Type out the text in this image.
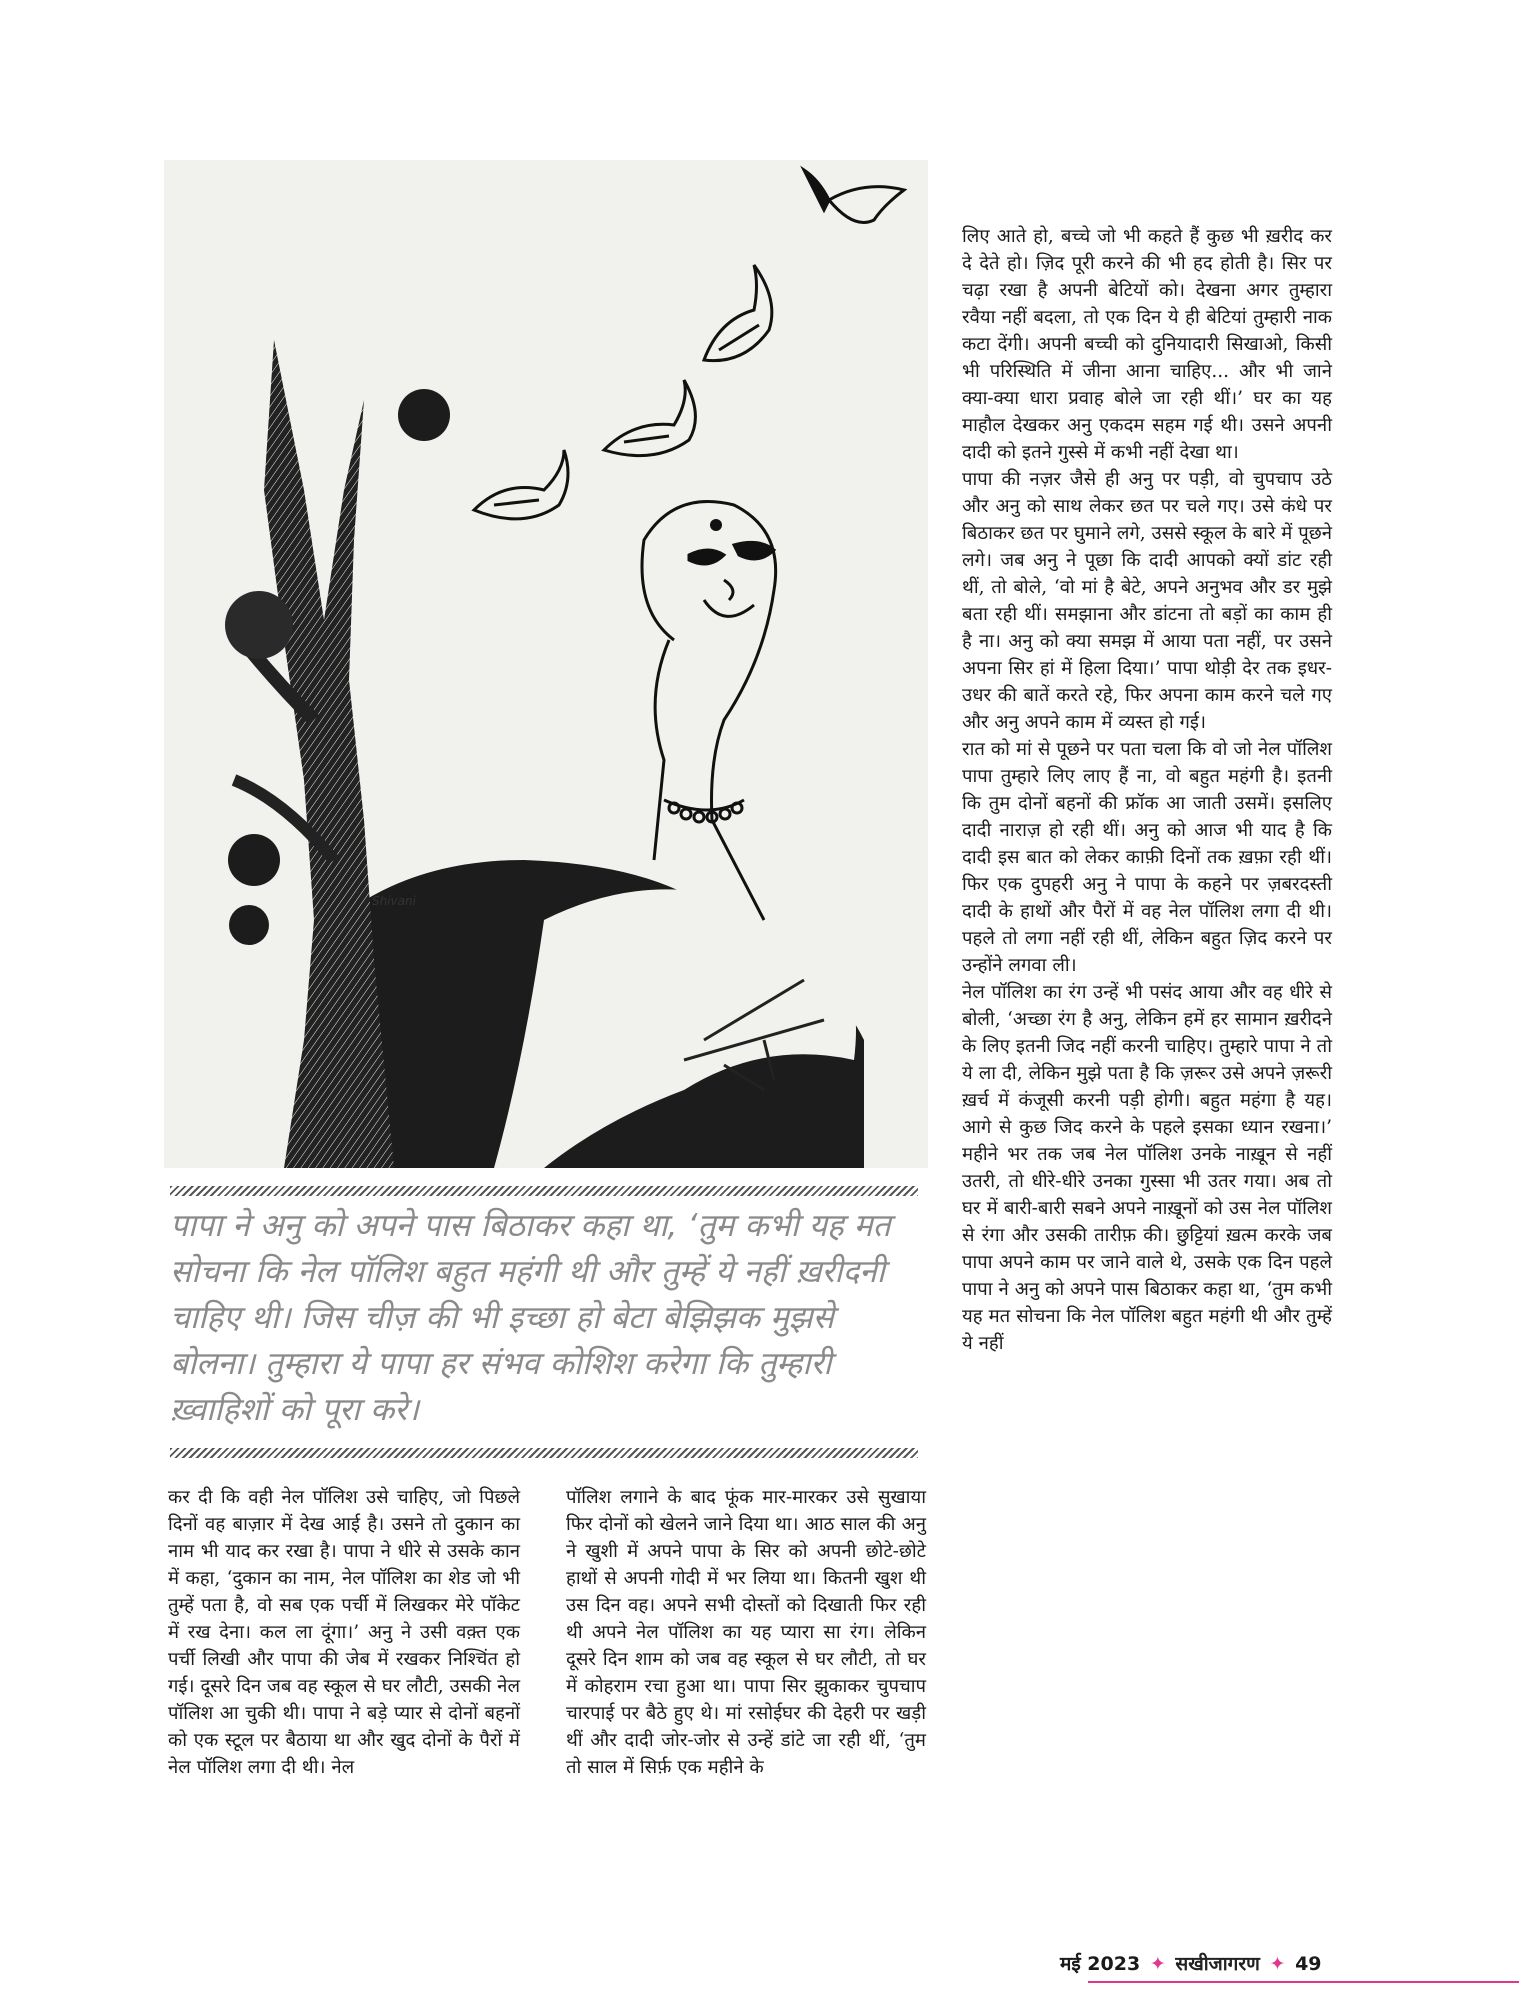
Shivani

पापा ने अनु को अपने पास बिठाकर कहा था, ‘तुम कभी यह मत सोचना कि नेल पॉलिश बहुत महंगी थी और तुम्हें ये नहीं ख़रीदनी चाहिए थी। जिस चीज़ की भी इच्छा हो बेटा बेझिझक मुझसे बोलना। तुम्हारा ये पापा हर संभव कोशिश करेगा कि तुम्हारी ख़्वाहिशों को पूरा करे।

कर दी कि वही नेल पॉलिश उसे चाहिए, जो पिछले दिनों वह बाज़ार में देख आई है। उसने तो दुकान का नाम भी याद कर रखा है। पापा ने धीरे से उसके कान में कहा, ‘दुकान का नाम, नेल पॉलिश का शेड जो भी तुम्हें पता है, वो सब एक पर्ची में लिखकर मेरे पॉकेट में रख देना। कल ला दूंगा।’ अनु ने उसी वक़्त एक पर्ची लिखी और पापा की जेब में रखकर निश्चिंत हो गई। दूसरे दिन जब वह स्कूल से घर लौटी, उसकी नेल पॉलिश आ चुकी थी। पापा ने बड़े प्यार से दोनों बहनों को एक स्टूल पर बैठाया था और खुद दोनों के पैरों में नेल पॉलिश लगा दी थी। नेल

पॉलिश लगाने के बाद फूंक मार-मारकर उसे सुखाया फिर दोनों को खेलने जाने दिया था। आठ साल की अनु ने खुशी में अपने पापा के सिर को अपनी छोटे-छोटे हाथों से अपनी गोदी में भर लिया था। कितनी खुश थी उस दिन वह। अपने सभी दोस्तों को दिखाती फिर रही थी अपने नेल पॉलिश का यह प्यारा सा रंग। लेकिन दूसरे दिन शाम को जब वह स्कूल से घर लौटी, तो घर में कोहराम रचा हुआ था। पापा सिर झुकाकर चुपचाप चारपाई पर बैठे हुए थे। मां रसोईघर की देहरी पर खड़ी थीं और दादी जोर-जोर से उन्हें डांटे जा रही थीं, ‘तुम तो साल में सिर्फ़ एक महीने के

लिए आते हो, बच्चे जो भी कहते हैं कुछ भी ख़रीद कर दे देते हो। ज़िद पूरी करने की भी हद होती है। सिर पर चढ़ा रखा है अपनी बेटियों को। देखना अगर तुम्हारा रवैया नहीं बदला, तो एक दिन ये ही बेटियां तुम्हारी नाक कटा देंगी। अपनी बच्ची को दुनियादारी सिखाओ, किसी भी परिस्थिति में जीना आना चाहिए... और भी जाने क्या-क्या धारा प्रवाह बोले जा रही थीं।’ घर का यह माहौल देखकर अनु एकदम सहम गई थी। उसने अपनी दादी को इतने गुस्से में कभी नहीं देखा था।
पापा की नज़र जैसे ही अनु पर पड़ी, वो चुपचाप उठे और अनु को साथ लेकर छत पर चले गए। उसे कंधे पर बिठाकर छत पर घुमाने लगे, उससे स्कूल के बारे में पूछने लगे। जब अनु ने पूछा कि दादी आपको क्यों डांट रही थीं, तो बोले, ‘वो मां है बेटे, अपने अनुभव और डर मुझे बता रही थीं। समझाना और डांटना तो बड़ों का काम ही है ना। अनु को क्या समझ में आया पता नहीं, पर उसने अपना सिर हां में हिला दिया।’ पापा थोड़ी देर तक इधर-उधर की बातें करते रहे, फिर अपना काम करने चले गए और अनु अपने काम में व्यस्त हो गई।
रात को मां से पूछने पर पता चला कि वो जो नेल पॉलिश पापा तुम्हारे लिए लाए हैं ना, वो बहुत महंगी है। इतनी कि तुम दोनों बहनों की फ्रॉक आ जाती उसमें। इसलिए दादी नाराज़ हो रही थीं। अनु को आज भी याद है कि दादी इस बात को लेकर काफ़ी दिनों तक ख़फ़ा रही थीं। फिर एक दुपहरी अनु ने पापा के कहने पर ज़बरदस्ती दादी के हाथों और पैरों में वह नेल पॉलिश लगा दी थी। पहले तो लगा नहीं रही थीं, लेकिन बहुत ज़िद करने पर उन्होंने लगवा ली।
नेल पॉलिश का रंग उन्हें भी पसंद आया और वह धीरे से बोली, ‘अच्छा रंग है अनु, लेकिन हमें हर सामान ख़रीदने के लिए इतनी जिद नहीं करनी चाहिए। तुम्हारे पापा ने तो ये ला दी, लेकिन मुझे पता है कि ज़रूर उसे अपने ज़रूरी ख़र्च में कंजूसी करनी पड़ी होगी। बहुत महंगा है यह। आगे से कुछ जिद करने के पहले इसका ध्यान रखना।’ महीने भर तक जब नेल पॉलिश उनके नाख़ून से नहीं उतरी, तो धीरे-धीरे उनका गुस्सा भी उतर गया। अब तो घर में बारी-बारी सबने अपने नाख़ूनों को उस नेल पॉलिश से रंगा और उसकी तारीफ़ की। छुट्टियां ख़त्म करके जब पापा अपने काम पर जाने वाले थे, उसके एक दिन पहले पापा ने अनु को अपने पास बिठाकर कहा था, ‘तुम कभी यह मत सोचना कि नेल पॉलिश बहुत महंगी थी और तुम्हें ये नहीं

मई 2023 ✦ सखीजागरण ✦ 49
